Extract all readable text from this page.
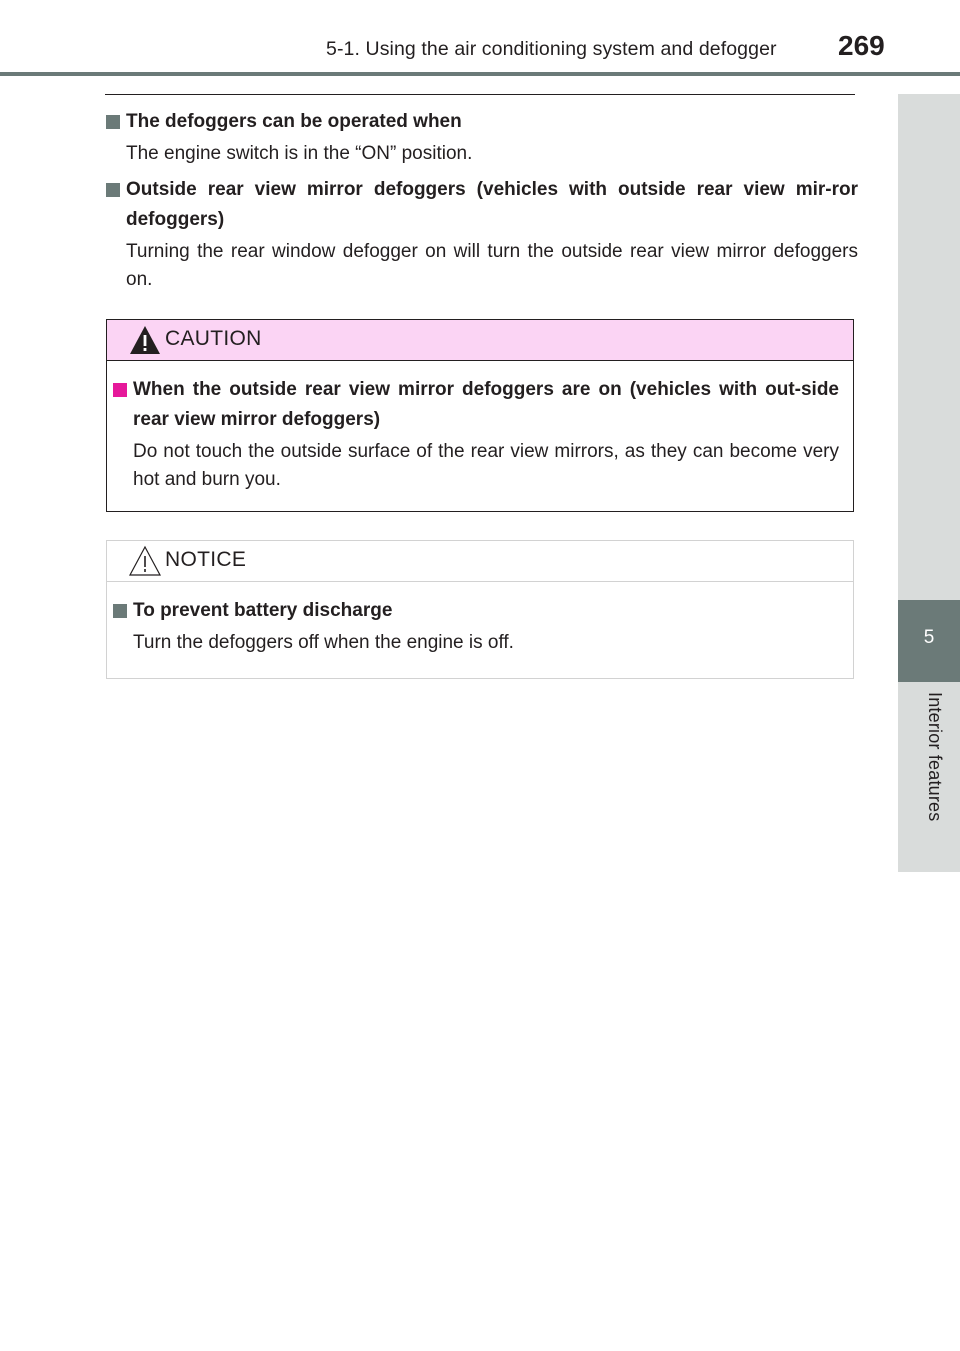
5-1. Using the air conditioning system and defogger 269
5
Interior features
The defoggers can be operated when
The engine switch is in the “ON” position.
Outside rear view mirror defoggers (vehicles with outside rear view mir-ror defoggers)
Turning the rear window defogger on will turn the outside rear view mirror defoggers on.
CAUTION
When the outside rear view mirror defoggers are on (vehicles with out-side rear view mirror defoggers)
Do not touch the outside surface of the rear view mirrors, as they can become very hot and burn you.
NOTICE
To prevent battery discharge
Turn the defoggers off when the engine is off.
